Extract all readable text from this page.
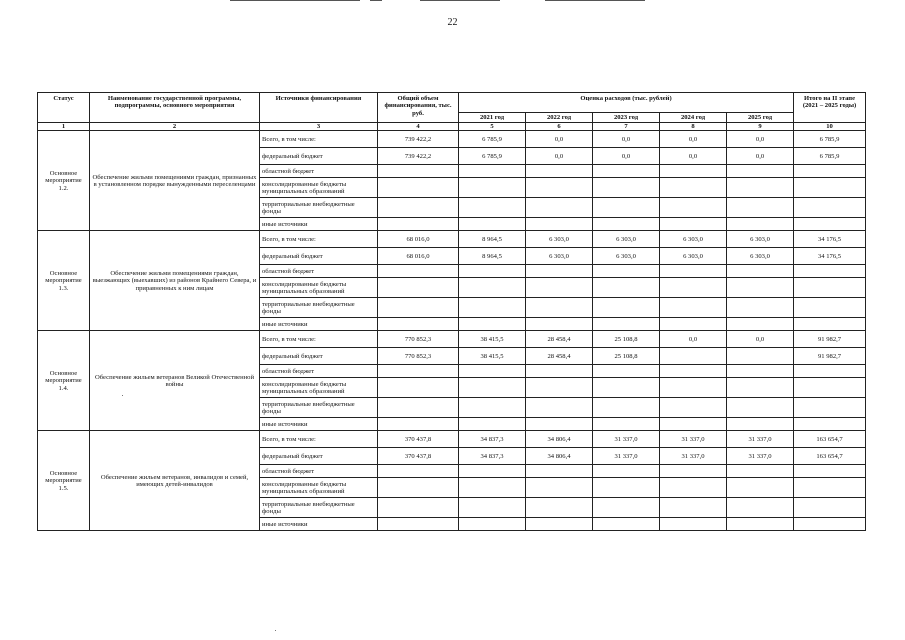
22
Статус	Наименование государственной программы, подпрограммы, основного мероприятия	Источники финансирования	Общий объем финансирования, тыс. руб.	Оценка расходов (тыс. рублей)					Итого на II этапе (2021 – 2025 годы)
				2021 год	2022 год	2023 год	2024 год	2025 год	
1	2	3	4	5	6	7	8	9	10
Основное мероприятие 1.2.	Обеспечение жильми помещениями граждан, признанных в установленном порядке вынужденными переселенцами	Всего, в том числе:	739 422,2	6 785,9	0,0	0,0	0,0	0,0	6 785,9
		федеральный бюджет	739 422,2	6 785,9	0,0	0,0	0,0	0,0	6 785,9
		областной бюджет							
		консолидированные бюджеты муниципальных образований							
		территориальные внебюджетные фонды							
		иные источники							
Основное мероприятие 1.3.	Обеспечение жильми помещениями граждан, выезжающих (выехавших) из районов Крайнего Севера, и приравненных к ним лицам	Всего, в том числе:	68 016,0	8 964,5	6 303,0	6 303,0	6 303,0	6 303,0	34 176,5
		федеральный бюджет	68 016,0	8 964,5	6 303,0	6 303,0	6 303,0	6 303,0	34 176,5
		областной бюджет							
		консолидированные бюджеты муниципальных образований							
		территориальные внебюджетные фонды							
		иные источники							
Основное мероприятие 1.4.	Обеспечение жильем ветеранов Великой Отечественной войны	Всего, в том числе:	770 852,3	38 415,5	28 458,4	25 108,8	0,0	0,0	91 982,7
		федеральный бюджет	770 852,3	38 415,5	28 458,4	25 108,8			91 982,7
		областной бюджет							
		консолидированные бюджеты муниципальных образований							
		территориальные внебюджетные фонды							
		иные источники							
Основное мероприятие 1.5.	Обеспечение жильем ветеранов, инвалидов и семей, имеющих детей-инвалидов	Всего, в том числе:	370 437,8	34 837,3	34 806,4	31 337,0	31 337,0	31 337,0	163 654,7
		федеральный бюджет	370 437,8	34 837,3	34 806,4	31 337,0	31 337,0	31 337,0	163 654,7
		областной бюджет							
		консолидированные бюджеты муниципальных образований							
		территориальные внебюджетные фонды							
		иные источники							
